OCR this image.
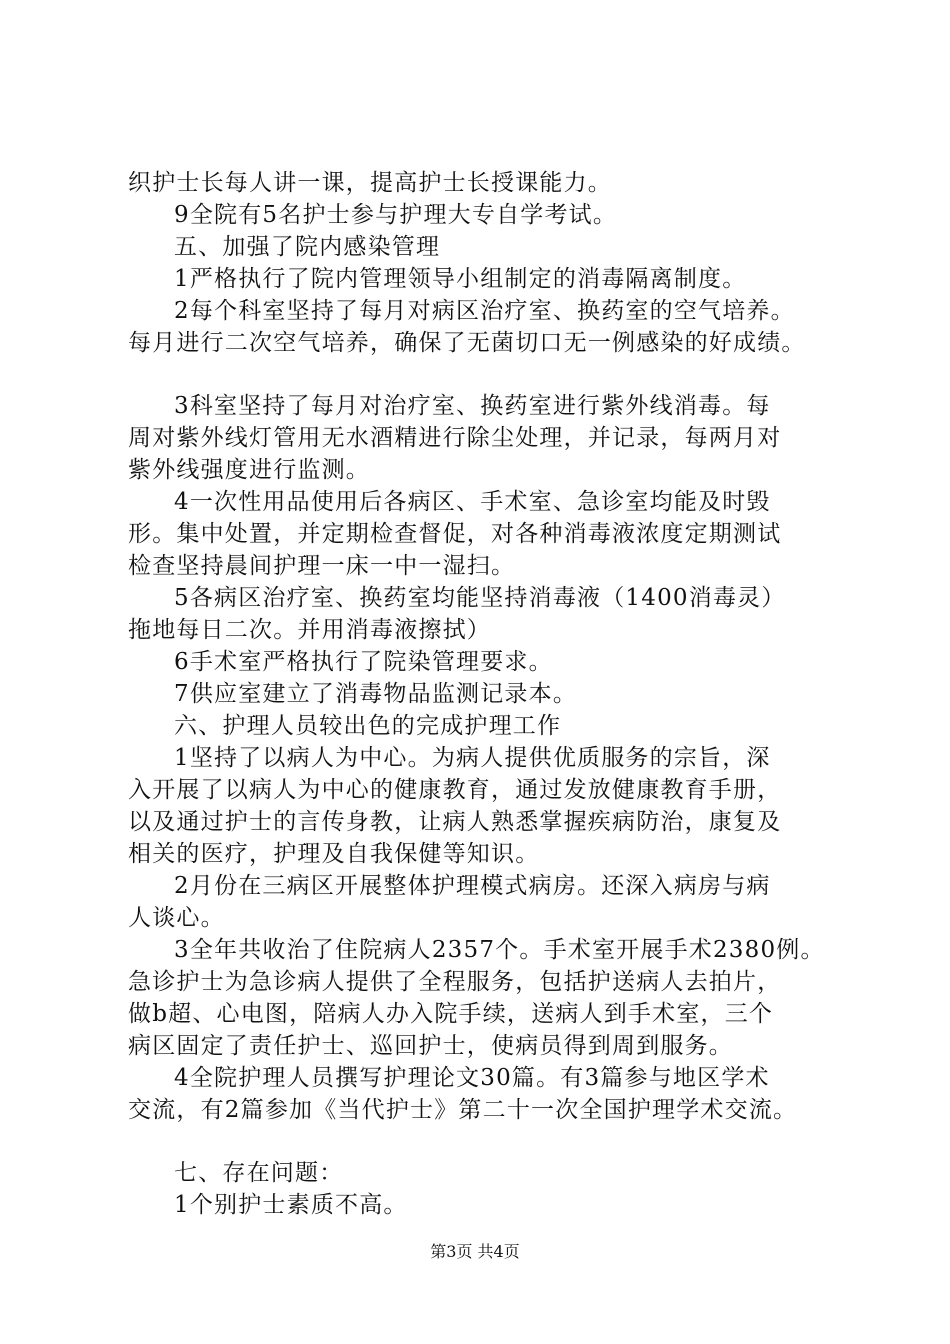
织护士长每人讲一课，提高护士长授课能力。
9全院有5名护士参与护理大专自学考试。
五、加强了院内感染管理
1严格执行了院内管理领导小组制定的消毒隔离制度。
2每个科室坚持了每月对病区治疗室、换药室的空气培养。
每月进行二次空气培养，确保了无菌切口无一例感染的好成绩。
3科室坚持了每月对治疗室、换药室进行紫外线消毒。每
周对紫外线灯管用无水酒精进行除尘处理，并记录，每两月对
紫外线强度进行监测。
4一次性用品使用后各病区、手术室、急诊室均能及时毁
形。集中处置，并定期检查督促，对各种消毒液浓度定期测试
检查坚持晨间护理一床一中一湿扫。
5各病区治疗室、换药室均能坚持消毒液（1400消毒灵）
拖地每日二次。并用消毒液擦拭）
6手术室严格执行了院染管理要求。
7供应室建立了消毒物品监测记录本。
六、护理人员较出色的完成护理工作
1坚持了以病人为中心。为病人提供优质服务的宗旨，深
入开展了以病人为中心的健康教育，通过发放健康教育手册，
以及通过护士的言传身教，让病人熟悉掌握疾病防治，康复及
相关的医疗，护理及自我保健等知识。
2月份在三病区开展整体护理模式病房。还深入病房与病
人谈心。
3全年共收治了住院病人2357个。手术室开展手术2380例。
急诊护士为急诊病人提供了全程服务，包括护送病人去拍片，
做b超、心电图，陪病人办入院手续，送病人到手术室，三个
病区固定了责任护士、巡回护士，使病员得到周到服务。
4全院护理人员撰写护理论文30篇。有3篇参与地区学术
交流，有2篇参加《当代护士》第二十一次全国护理学术交流。
七、存在问题：
1个别护士素质不高。
第3页 共4页
